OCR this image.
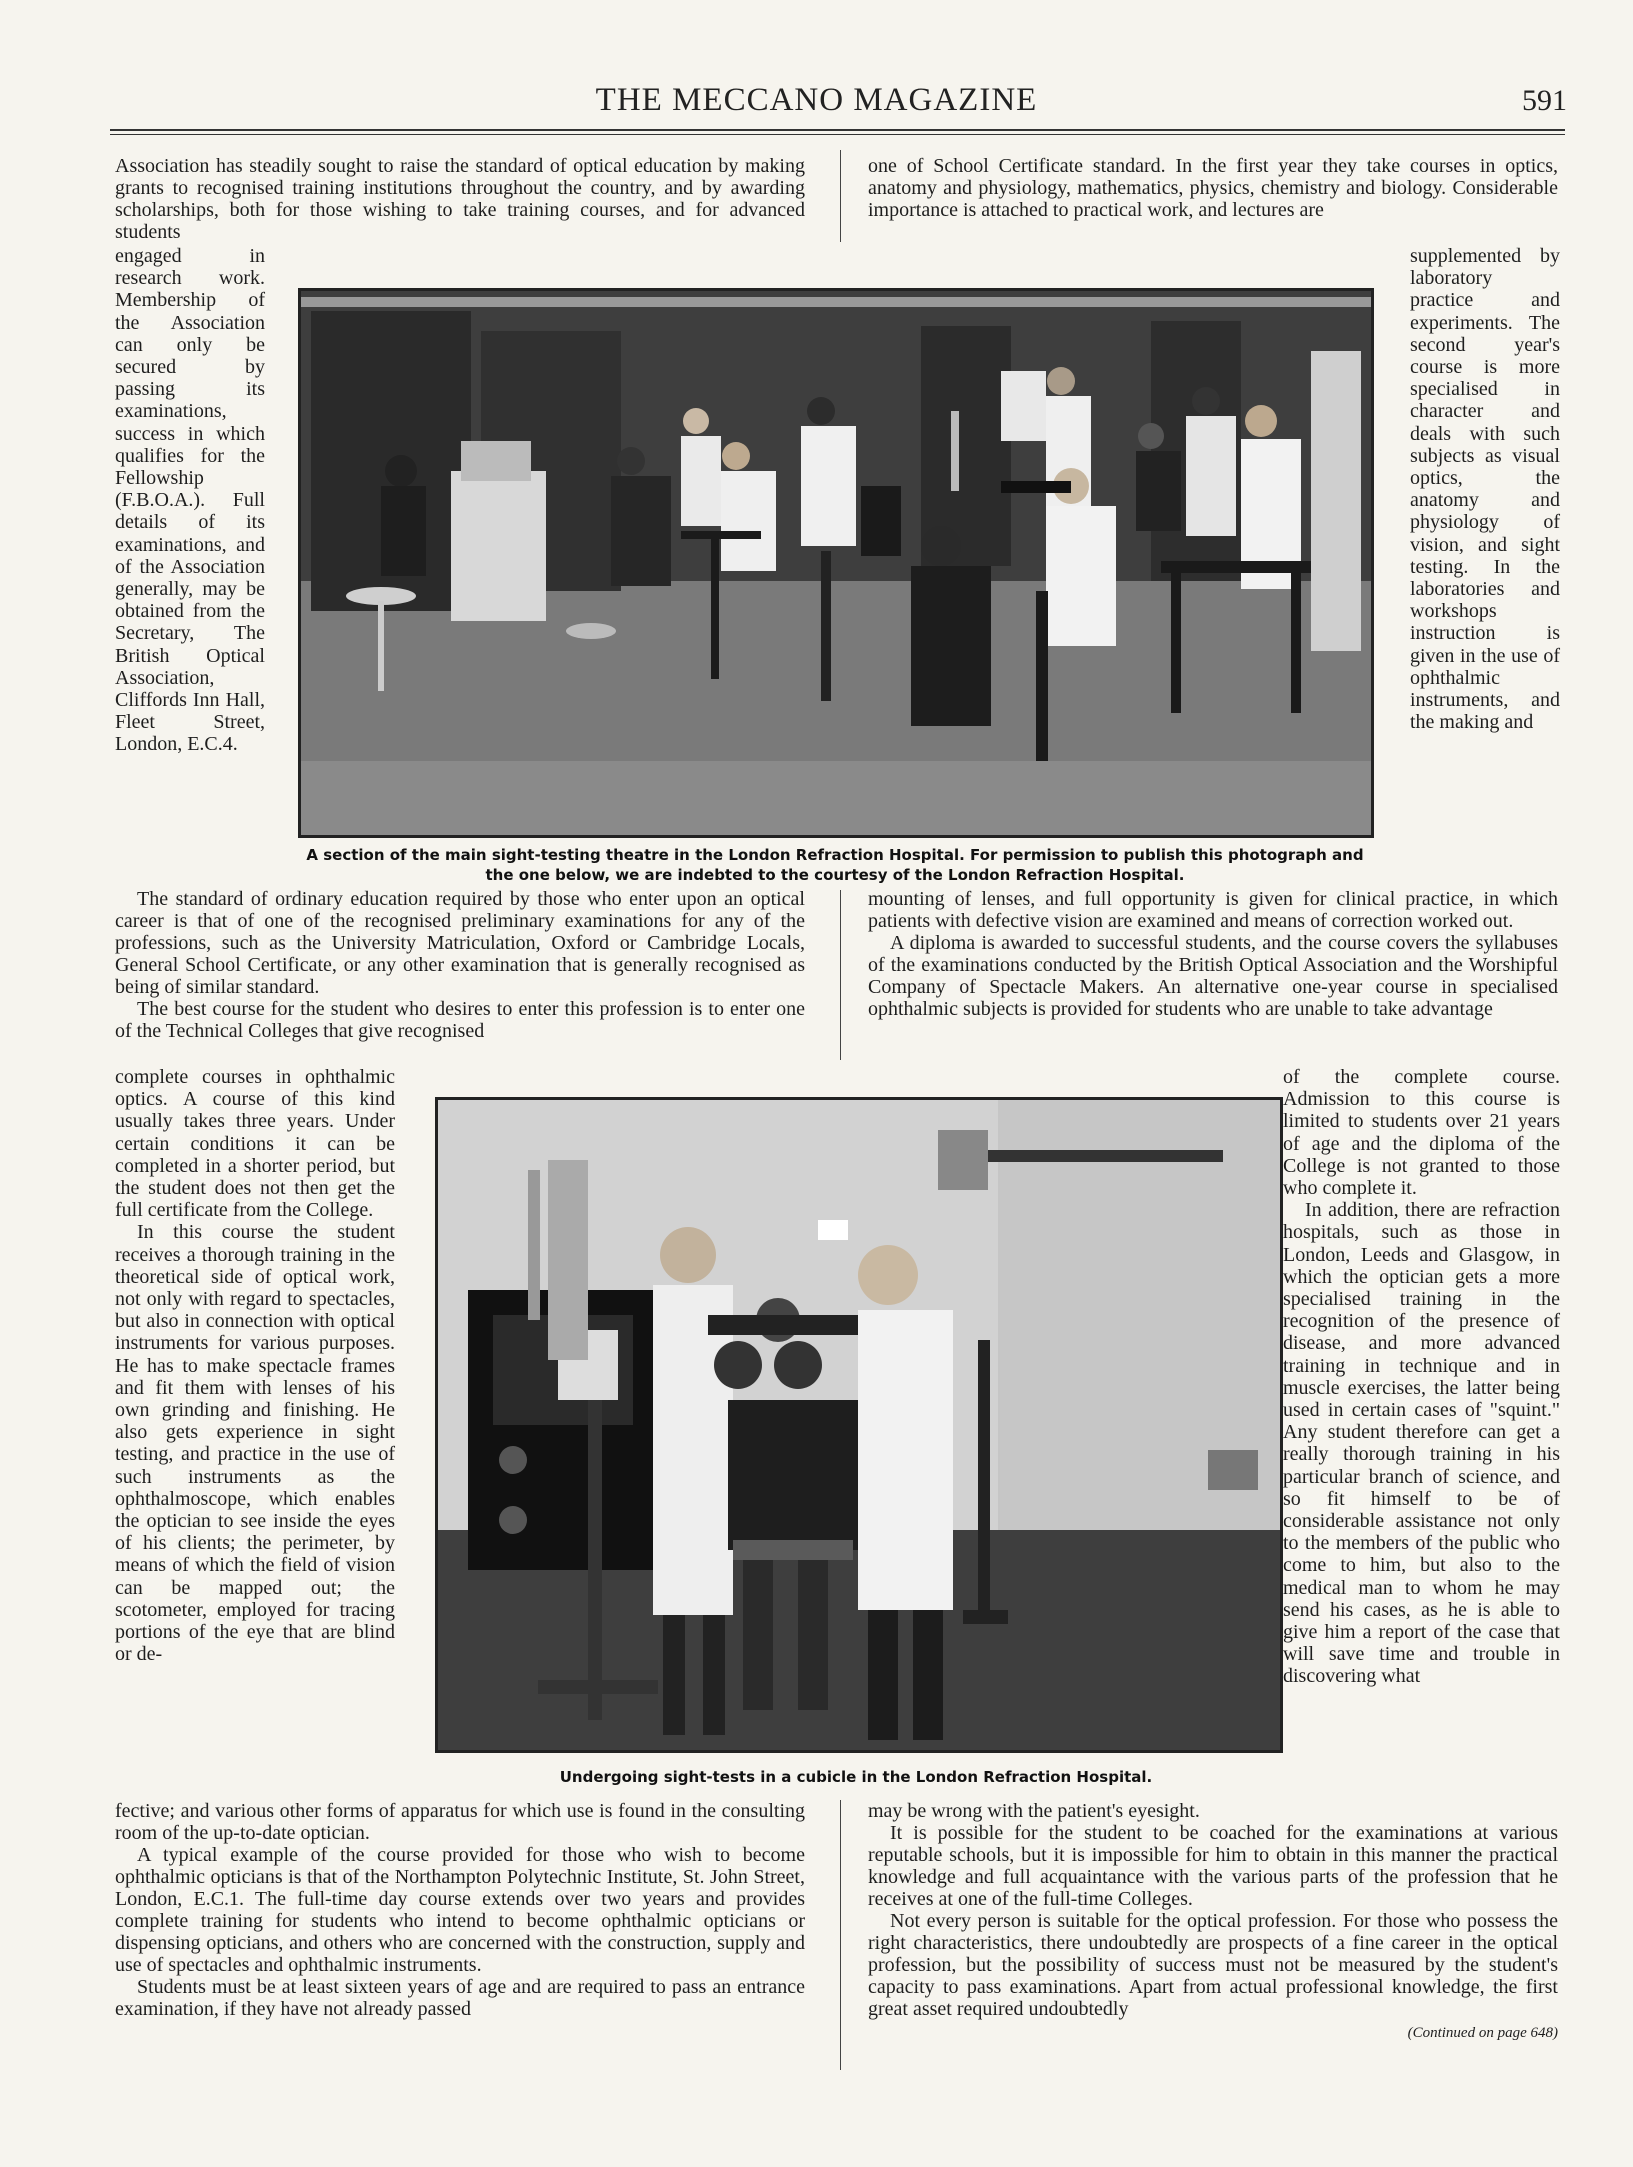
THE MECCANO MAGAZINE	591

Association has steadily sought to raise the standard of optical education by making grants to recognised training institutions throughout the country, and by awarding scholarships, both for those wishing to take training courses, and for advanced students

one of School Certificate standard. In the first year they take courses in optics, anatomy and physiology, mathematics, physics, chemistry and biology. Considerable importance is attached to practical work, and lectures are

engaged in research work. Membership of the Association can only be secured by passing its examinations, success in which qualifies for the Fellowship (F.B.O.A.). Full details of its examinations, and of the Association generally, may be obtained from the Secretary, The British Optical Association, Cliffords Inn Hall, Fleet Street, London, E.C.4.

supplemented by laboratory practice and experiments. The second year's course is more specialised in character and deals with such subjects as visual optics, the anatomy and physiology of vision, and sight testing. In the laboratories and workshops instruction is given in the use of ophthalmic instruments, and the making and

A section of the main sight-testing theatre in the London Refraction Hospital. For permission to publish this photograph and the one below, we are indebted to the courtesy of the London Refraction Hospital.

The standard of ordinary education required by those who enter upon an optical career is that of one of the recognised preliminary examinations for any of the professions, such as the University Matriculation, Oxford or Cambridge Locals, General School Certificate, or any other examination that is generally recognised as being of similar standard.

The best course for the student who desires to enter this profession is to enter one of the Technical Colleges that give recognised

mounting of lenses, and full opportunity is given for clinical practice, in which patients with defective vision are examined and means of correction worked out.

A diploma is awarded to successful students, and the course covers the syllabuses of the examinations conducted by the British Optical Association and the Worshipful Company of Spectacle Makers. An alternative one-year course in specialised ophthalmic subjects is provided for students who are unable to take advantage

complete courses in ophthalmic optics. A course of this kind usually takes three years. Under certain conditions it can be completed in a shorter period, but the student does not then get the full certificate from the College.

In this course the student receives a thorough training in the theoretical side of optical work, not only with regard to spectacles, but also in connection with optical instruments for various purposes. He has to make spectacle frames and fit them with lenses of his own grinding and finishing. He also gets experience in sight testing, and practice in the use of such instruments as the ophthalmoscope, which enables the optician to see inside the eyes of his clients; the perimeter, by means of which the field of vision can be mapped out; the scotometer, employed for tracing portions of the eye that are blind or de-

of the complete course. Admission to this course is limited to students over 21 years of age and the diploma of the College is not granted to those who complete it.

In addition, there are refraction hospitals, such as those in London, Leeds and Glasgow, in which the optician gets a more specialised training in the recognition of the presence of disease, and more advanced training in technique and in muscle exercises, the latter being used in certain cases of "squint." Any student therefore can get a really thorough training in his particular branch of science, and so fit himself to be of considerable assistance not only to the members of the public who come to him, but also to the medical man to whom he may send his cases, as he is able to give him a report of the case that will save time and trouble in discovering what

Undergoing sight-tests in a cubicle in the London Refraction Hospital.

fective; and various other forms of apparatus for which use is found in the consulting room of the up-to-date optician.

A typical example of the course provided for those who wish to become ophthalmic opticians is that of the Northampton Polytechnic Institute, St. John Street, London, E.C.1. The full-time day course extends over two years and provides complete training for students who intend to become ophthalmic opticians or dispensing opticians, and others who are concerned with the construction, supply and use of spectacles and ophthalmic instruments.

Students must be at least sixteen years of age and are required to pass an entrance examination, if they have not already passed

may be wrong with the patient's eyesight.

It is possible for the student to be coached for the examinations at various reputable schools, but it is impossible for him to obtain in this manner the practical knowledge and full acquaintance with the various parts of the profession that he receives at one of the full-time Colleges.

Not every person is suitable for the optical profession. For those who possess the right characteristics, there undoubtedly are prospects of a fine career in the optical profession, but the possibility of success must not be measured by the student's capacity to pass examinations. Apart from actual professional knowledge, the first great asset required undoubtedly

(Continued on page 648)
